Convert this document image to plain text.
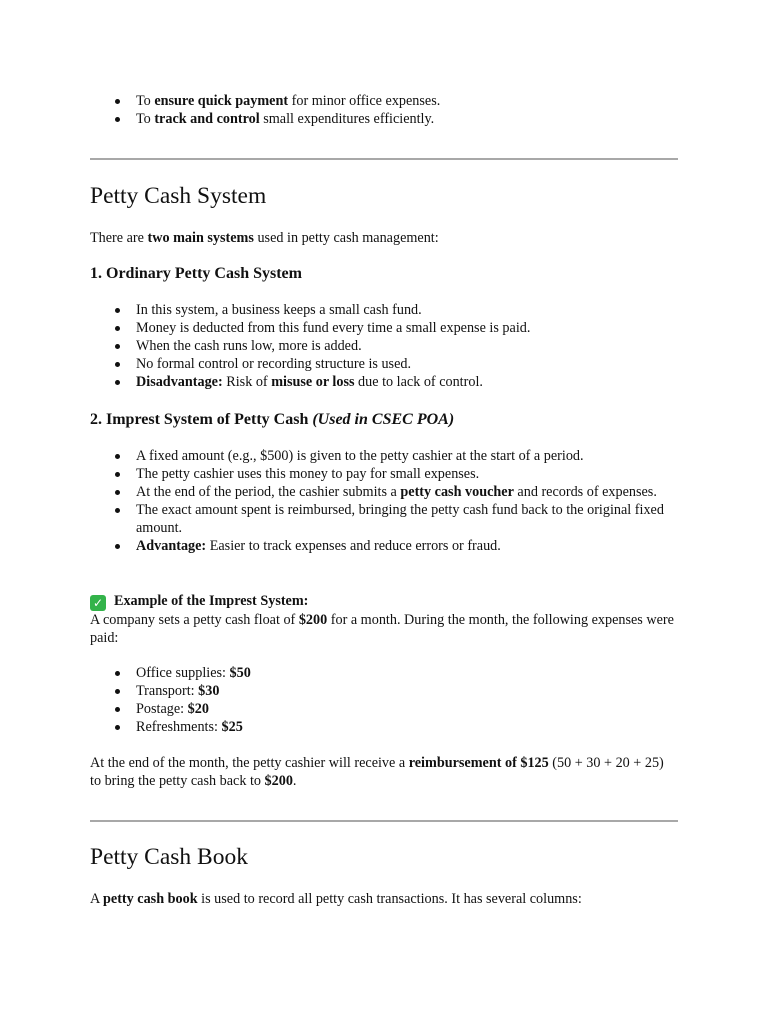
To ensure quick payment for minor office expenses.
To track and control small expenditures efficiently.
Petty Cash System

There are two main systems used in petty cash management:

1. Ordinary Petty Cash System
In this system, a business keeps a small cash fund.
Money is deducted from this fund every time a small expense is paid.
When the cash runs low, more is added.
No formal control or recording structure is used.
Disadvantage: Risk of misuse or loss due to lack of control.
2. Imprest System of Petty Cash (Used in CSEC POA)
A fixed amount (e.g., $500) is given to the petty cashier at the start of a period.
The petty cashier uses this money to pay for small expenses.
At the end of the period, the cashier submits a petty cash voucher and records of expenses.
The exact amount spent is reimbursed, bringing the petty cash fund back to the original fixed amount.
Advantage: Easier to track expenses and reduce errors or fraud.

✓ Example of the Imprest System:
A company sets a petty cash float of $200 for a month. During the month, the following expenses were paid:

Office supplies: $50
Transport: $30
Postage: $20
Refreshments: $25

At the end of the month, the petty cashier will receive a reimbursement of $125 (50 + 30 + 20 + 25) to bring the petty cash back to $200.

Petty Cash Book

A petty cash book is used to record all petty cash transactions. It has several columns:
